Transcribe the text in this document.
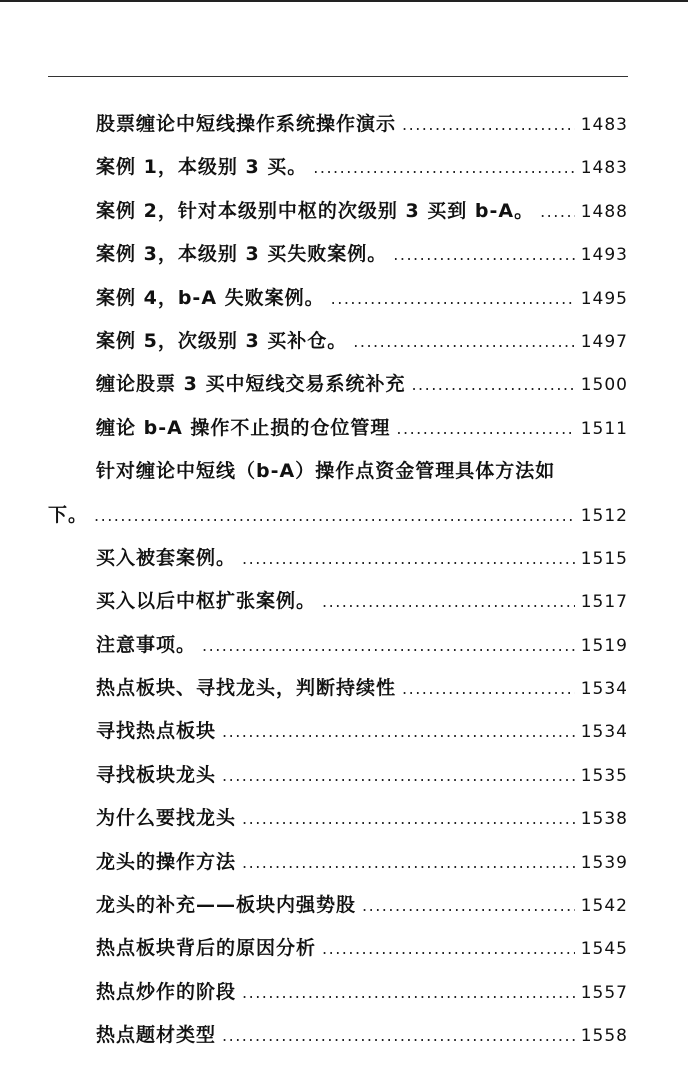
股票缠论中短线操作系统操作演示 .....	1483
案例 1，本级别 3 买。 .....	1483
案例 2，针对本级别中枢的次级别 3 买到 b-A。 .....	1488
案例 3，本级别 3 买失败案例。 .....	1493
案例 4，b-A 失败案例。 .....	1495
案例 5，次级别 3 买补仓。 .....	1497
缠论股票 3 买中短线交易系统补充 .....	1500
缠论 b-A 操作不止损的仓位管理 .....	1511
针对缠论中短线（b-A）操作点资金管理具体方法如
下。 .....	1512
买入被套案例。 .....	1515
买入以后中枢扩张案例。 .....	1517
注意事项。 .....	1519
热点板块、寻找龙头，判断持续性 .....	1534
寻找热点板块 .....	1534
寻找板块龙头 .....	1535
为什么要找龙头 .....	1538
龙头的操作方法 .....	1539
龙头的补充——板块内强势股 .....	1542
热点板块背后的原因分析 .....	1545
热点炒作的阶段 .....	1557
热点题材类型 .....	1558
